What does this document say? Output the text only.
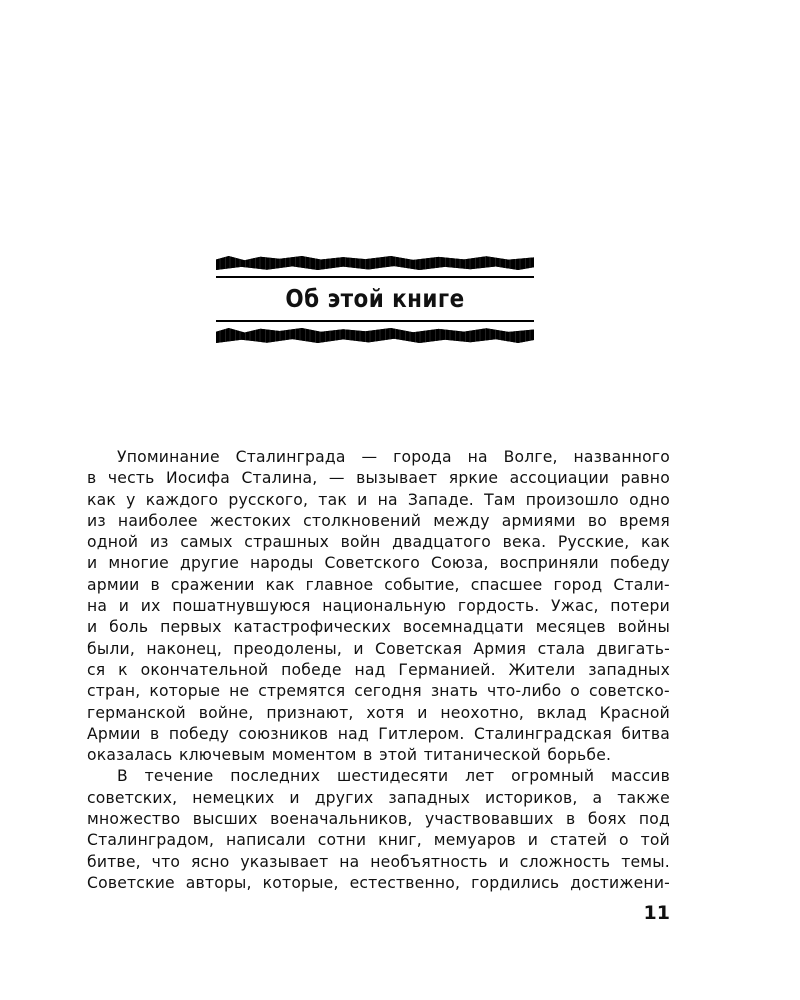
Об этой книге
Упоминание Сталинграда — города на Волге, названного
в честь Иосифа Сталина, — вызывает яркие ассоциации равно
как у каждого русского, так и на Западе. Там произошло одно
из наиболее жестоких столкновений между армиями во время
одной из самых страшных войн двадцатого века. Русские, как
и многие другие народы Советского Союза, восприняли победу
армии в сражении как главное событие, спасшее город Стали-
на и их пошатнувшуюся национальную гордость. Ужас, потери
и боль первых катастрофических восемнадцати месяцев войны
были, наконец, преодолены, и Советская Армия стала двигать-
ся к окончательной победе над Германией. Жители западных
стран, которые не стремятся сегодня знать что-либо о советско-
германской войне, признают, хотя и неохотно, вклад Красной
Армии в победу союзников над Гитлером. Сталинградская битва
оказалась ключевым моментом в этой титанической борьбе.
В течение последних шестидесяти лет огромный массив
советских, немецких и других западных историков, а также
множество высших военачальников, участвовавших в боях под
Сталинградом, написали сотни книг, мемуаров и статей о той
битве, что ясно указывает на необъятность и сложность темы.
Советские авторы, которые, естественно, гордились достижени-
11
